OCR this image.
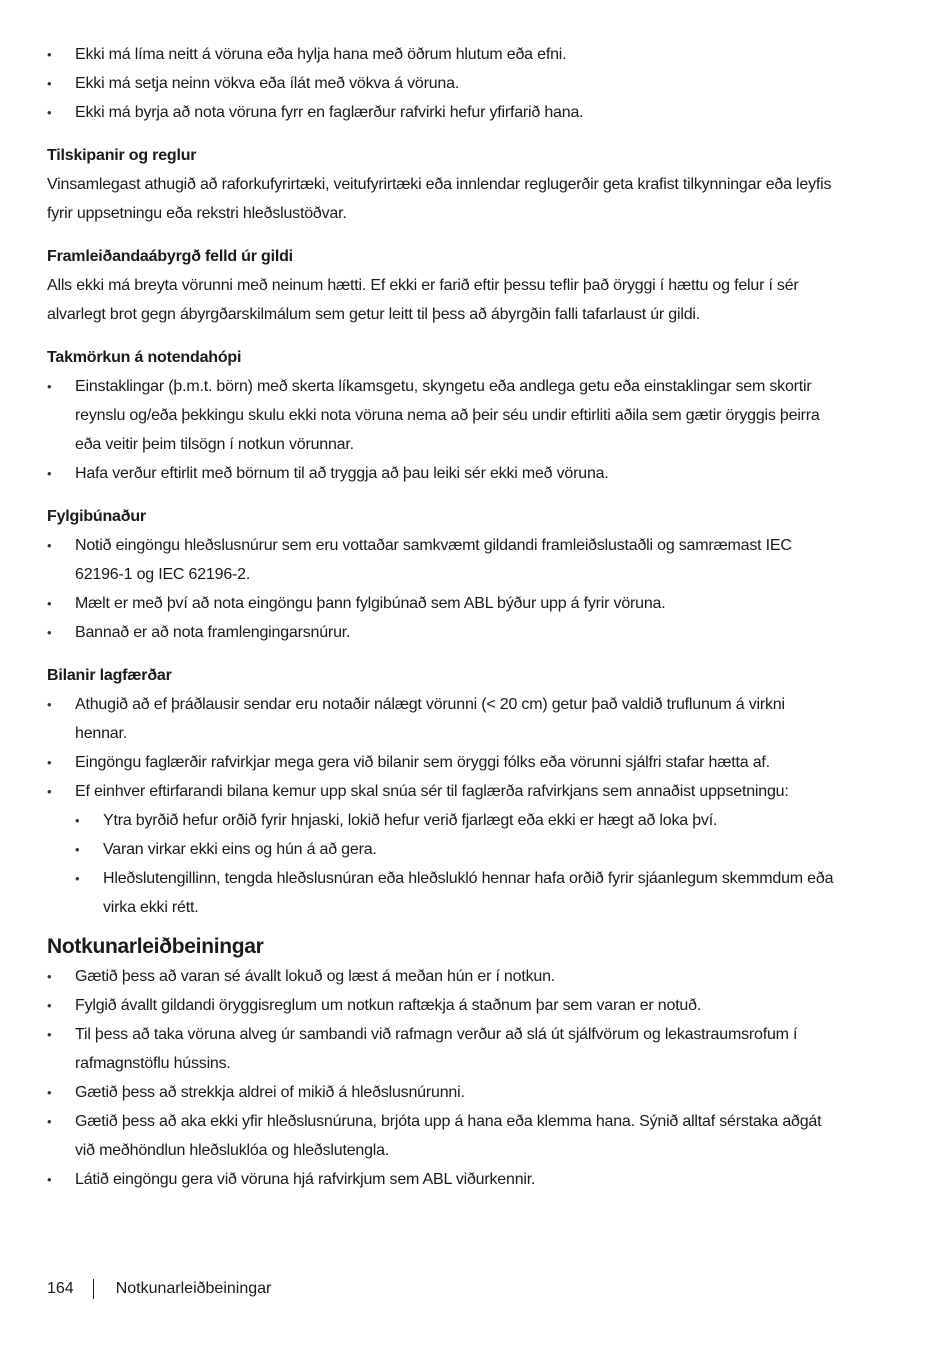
• Ekki má líma neitt á vöruna eða hylja hana með öðrum hlutum eða efni.
• Ekki má setja neinn vökva eða ílát með vökva á vöruna.
• Ekki má byrja að nota vöruna fyrr en faglærður rafvirki hefur yfirfarið hana.
Tilskipanir og reglur

Vinsamlegast athugið að raforkufyrirtæki, veitufyrirtæki eða innlendar reglugerðir geta krafist tilkynningar eða leyfis fyrir uppsetningu eða rekstri hleðslustöðvar.

Framleiðandaábyrgð felld úr gildi

Alls ekki má breyta vörunni með neinum hætti. Ef ekki er farið eftir þessu teflir það öryggi í hættu og felur í sér alvarlegt brot gegn ábyrgðarskilmálum sem getur leitt til þess að ábyrgðin falli tafarlaust úr gildi.

Takmörkun á notendahópi
• Einstaklingar (þ.m.t. börn) með skerta líkamsgetu, skyngetu eða andlega getu eða einstaklingar sem skortir reynslu og/eða þekkingu skulu ekki nota vöruna nema að þeir séu undir eftirliti aðila sem gætir öryggis þeirra eða veitir þeim tilsögn í notkun vörunnar.
• Hafa verður eftirlit með börnum til að tryggja að þau leiki sér ekki með vöruna.
Fylgibúnaður
• Notið eingöngu hleðslusnúrur sem eru vottaðar samkvæmt gildandi framleiðslustaðli og samræmast IEC 62196-1 og IEC 62196-2.
• Mælt er með því að nota eingöngu þann fylgibúnað sem ABL býður upp á fyrir vöruna.
• Bannað er að nota framlengingarsnúrur.
Bilanir lagfærðar
• Athugið að ef þráðlausir sendar eru notaðir nálægt vörunni (< 20 cm) getur það valdið truflunum á virkni hennar.
• Eingöngu faglærðir rafvirkjar mega gera við bilanir sem öryggi fólks eða vörunni sjálfri stafar hætta af.
• Ef einhver eftirfarandi bilana kemur upp skal snúa sér til faglærða rafvirkjans sem annaðist uppsetningu:
• Ytra byrðið hefur orðið fyrir hnjaski, lokið hefur verið fjarlægt eða ekki er hægt að loka því.
• Varan virkar ekki eins og hún á að gera.
• Hleðslutengillinn, tengda hleðslusnúran eða hleðslukló hennar hafa orðið fyrir sjáanlegum skemmdum eða virka ekki rétt.
Notkunarleiðbeiningar
• Gætið þess að varan sé ávallt lokuð og læst á meðan hún er í notkun.
• Fylgið ávallt gildandi öryggisreglum um notkun raftækja á staðnum þar sem varan er notuð.
• Til þess að taka vöruna alveg úr sambandi við rafmagn verður að slá út sjálfvörum og lekastraumsrofum í rafmagnstöflu hússins.
• Gætið þess að strekkja aldrei of mikið á hleðslusnúrunni.
• Gætið þess að aka ekki yfir hleðslusnúruna, brjóta upp á hana eða klemma hana. Sýnið alltaf sérstaka aðgát við meðhöndlun hleðsluklóa og hleðslutengla.
• Látið eingöngu gera við vöruna hjá rafvirkjum sem ABL viðurkennir.
164	Notkunarleiðbeiningar
